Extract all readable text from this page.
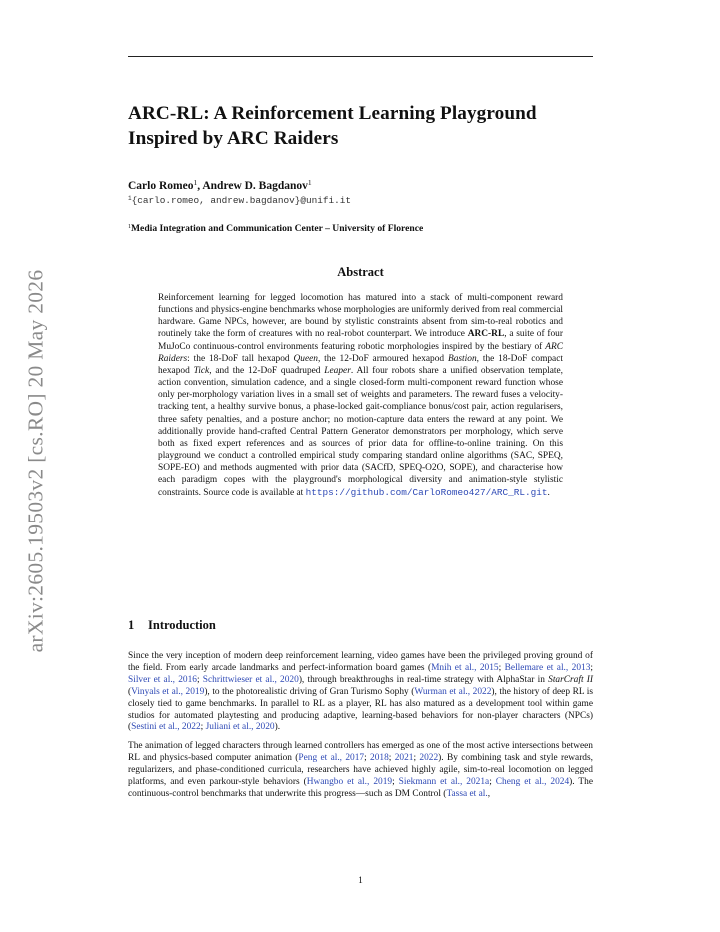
arXiv:2605.19503v2 [cs.RO] 20 May 2026
ARC-RL: A Reinforcement Learning Playground Inspired by ARC Raiders

Carlo Romeo$^1$, Andrew D. Bagdanov$^1$

$^1${carlo.romeo, andrew.bagdanov}@unifi.it

$^1$Media Integration and Communication Center – University of Florence

Abstract

Reinforcement learning for legged locomotion has matured into a stack of multi-component reward functions and physics-engine benchmarks whose morphologies are uniformly derived from real commercial hardware. Game NPCs, however, are bound by stylistic constraints absent from sim-to-real robotics and routinely take the form of creatures with no real-robot counterpart. We introduce ARC-RL, a suite of four MuJoCo continuous-control environments featuring robotic morphologies inspired by the bestiary of ARC Raiders: the 18-DoF tall hexapod Queen, the 12-DoF armoured hexapod Bastion, the 18-DoF compact hexapod Tick, and the 12-DoF quadruped Leaper. All four robots share a unified observation template, action convention, simulation cadence, and a single closed-form multi-component reward function whose only per-morphology variation lives in a small set of weights and parameters. The reward fuses a velocity-tracking tent, a healthy survive bonus, a phase-locked gait-compliance bonus/cost pair, action regularisers, three safety penalties, and a posture anchor; no motion-capture data enters the reward at any point. We additionally provide hand-crafted Central Pattern Generator demonstrators per morphology, which serve both as fixed expert references and as sources of prior data for offline-to-online training. On this playground we conduct a controlled empirical study comparing standard online algorithms (SAC, SPEQ, SOPE-EO) and methods augmented with prior data (SACfD, SPEQ-O2O, SOPE), and characterise how each paradigm copes with the playground's morphological diversity and animation-style stylistic constraints. Source code is available at https://github.com/CarloRomeo427/ARC_RL.git.

1 Introduction

Since the very inception of modern deep reinforcement learning, video games have been the privileged proving ground of the field. From early arcade landmarks and perfect-information board games (Mnih et al., 2015; Bellemare et al., 2013; Silver et al., 2016; Schrittwieser et al., 2020), through breakthroughs in real-time strategy with AlphaStar in StarCraft II (Vinyals et al., 2019), to the photorealistic driving of Gran Turismo Sophy (Wurman et al., 2022), the history of deep RL is closely tied to game benchmarks. In parallel to RL as a player, RL has also matured as a development tool within game studios for automated playtesting and producing adaptive, learning-based behaviors for non-player characters (NPCs) (Sestini et al., 2022; Juliani et al., 2020).

The animation of legged characters through learned controllers has emerged as one of the most active intersections between RL and physics-based computer animation (Peng et al., 2017; 2018; 2021; 2022). By combining task and style rewards, regularizers, and phase-conditioned curricula, researchers have achieved highly agile, sim-to-real locomotion on legged platforms, and even parkour-style behaviors (Hwangbo et al., 2019; Siekmann et al., 2021a; Cheng et al., 2024). The continuous-control benchmarks that underwrite this progress—such as DM Control (Tassa et al.,

1
